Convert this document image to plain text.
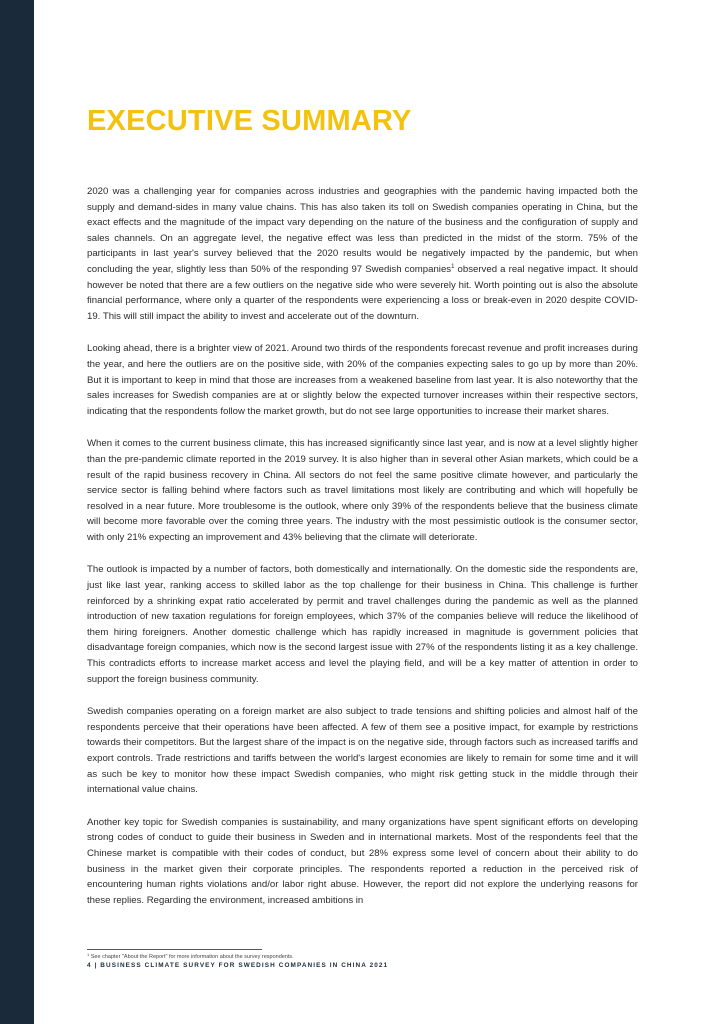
EXECUTIVE SUMMARY

2020 was a challenging year for companies across industries and geographies with the pandemic having impacted both the supply and demand-sides in many value chains. This has also taken its toll on Swedish companies operating in China, but the exact effects and the magnitude of the impact vary depending on the nature of the business and the configuration of supply and sales channels. On an aggregate level, the negative effect was less than predicted in the midst of the storm. 75% of the participants in last year's survey believed that the 2020 results would be negatively impacted by the pandemic, but when concluding the year, slightly less than 50% of the responding 97 Swedish companies$^1$ observed a real negative impact. It should however be noted that there are a few outliers on the negative side who were severely hit. Worth pointing out is also the absolute financial performance, where only a quarter of the respondents were experiencing a loss or break-even in 2020 despite COVID-19. This will still impact the ability to invest and accelerate out of the downturn.

Looking ahead, there is a brighter view of 2021. Around two thirds of the respondents forecast revenue and profit increases during the year, and here the outliers are on the positive side, with 20% of the companies expecting sales to go up by more than 20%. But it is important to keep in mind that those are increases from a weakened baseline from last year. It is also noteworthy that the sales increases for Swedish companies are at or slightly below the expected turnover increases within their respective sectors, indicating that the respondents follow the market growth, but do not see large opportunities to increase their market shares.

When it comes to the current business climate, this has increased significantly since last year, and is now at a level slightly higher than the pre-pandemic climate reported in the 2019 survey. It is also higher than in several other Asian markets, which could be a result of the rapid business recovery in China. All sectors do not feel the same positive climate however, and particularly the service sector is falling behind where factors such as travel limitations most likely are contributing and which will hopefully be resolved in a near future. More troublesome is the outlook, where only 39% of the respondents believe that the business climate will become more favorable over the coming three years. The industry with the most pessimistic outlook is the consumer sector, with only 21% expecting an improvement and 43% believing that the climate will deteriorate.

The outlook is impacted by a number of factors, both domestically and internationally. On the domestic side the respondents are, just like last year, ranking access to skilled labor as the top challenge for their business in China. This challenge is further reinforced by a shrinking expat ratio accelerated by permit and travel challenges during the pandemic as well as the planned introduction of new taxation regulations for foreign employees, which 37% of the companies believe will reduce the likelihood of them hiring foreigners. Another domestic challenge which has rapidly increased in magnitude is government policies that disadvantage foreign companies, which now is the second largest issue with 27% of the respondents listing it as a key challenge. This contradicts efforts to increase market access and level the playing field, and will be a key matter of attention in order to support the foreign business community.

Swedish companies operating on a foreign market are also subject to trade tensions and shifting policies and almost half of the respondents perceive that their operations have been affected. A few of them see a positive impact, for example by restrictions towards their competitors. But the largest share of the impact is on the negative side, through factors such as increased tariffs and export controls. Trade restrictions and tariffs between the world's largest economies are likely to remain for some time and it will as such be key to monitor how these impact Swedish companies, who might risk getting stuck in the middle through their international value chains.

Another key topic for Swedish companies is sustainability, and many organizations have spent significant efforts on developing strong codes of conduct to guide their business in Sweden and in international markets. Most of the respondents feel that the Chinese market is compatible with their codes of conduct, but 28% express some level of concern about their ability to do business in the market given their corporate principles. The respondents reported a reduction in the perceived risk of encountering human rights violations and/or labor right abuse. However, the report did not explore the underlying reasons for these replies. Regarding the environment, increased ambitions in

$^1$ See chapter "About the Report" for more information about the survey respondents.

4 | BUSINESS CLIMATE SURVEY FOR SWEDISH COMPANIES IN CHINA 2021
